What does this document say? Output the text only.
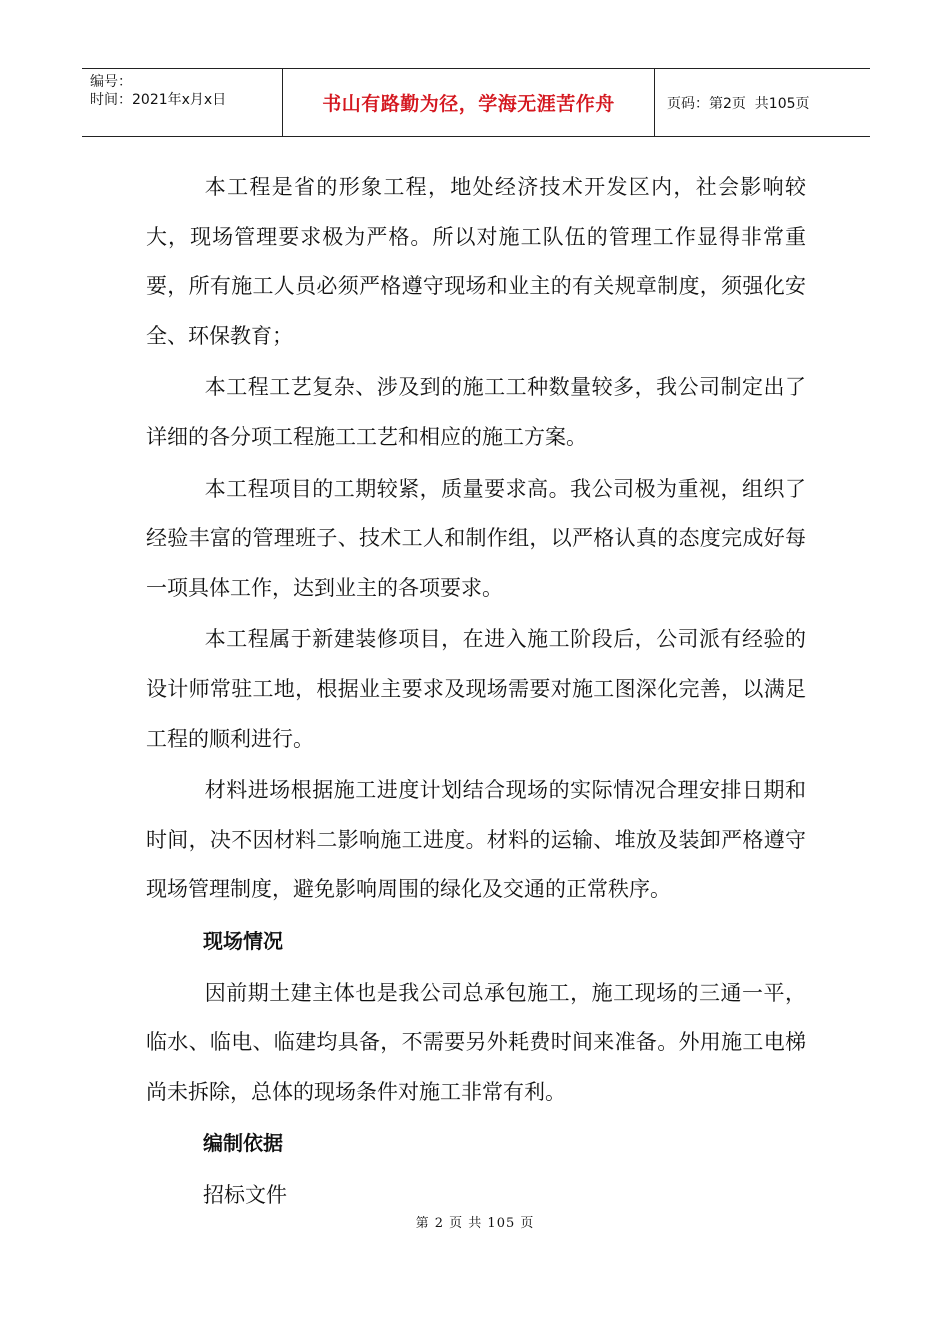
编号：
时间：2021年x月x日	书山有路勤为径，学海无涯苦作舟	页码：第2页  共105页

本工程是省的形象工程，地处经济技术开发区内，社会影响较大，现场管理要求极为严格。所以对施工队伍的管理工作显得非常重要，所有施工人员必须严格遵守现场和业主的有关规章制度，须强化安全、环保教育；

本工程工艺复杂、涉及到的施工工种数量较多，我公司制定出了详细的各分项工程施工工艺和相应的施工方案。

本工程项目的工期较紧，质量要求高。我公司极为重视，组织了经验丰富的管理班子、技术工人和制作组，以严格认真的态度完成好每一项具体工作，达到业主的各项要求。

本工程属于新建装修项目，在进入施工阶段后，公司派有经验的设计师常驻工地，根据业主要求及现场需要对施工图深化完善，以满足工程的顺利进行。

材料进场根据施工进度计划结合现场的实际情况合理安排日期和时间，决不因材料二影响施工进度。材料的运输、堆放及装卸严格遵守现场管理制度，避免影响周围的绿化及交通的正常秩序。

现场情况

因前期土建主体也是我公司总承包施工，施工现场的三通一平，临水、临电、临建均具备，不需要另外耗费时间来准备。外用施工电梯尚未拆除，总体的现场条件对施工非常有利。

编制依据

招标文件

第 2 页 共 105 页
